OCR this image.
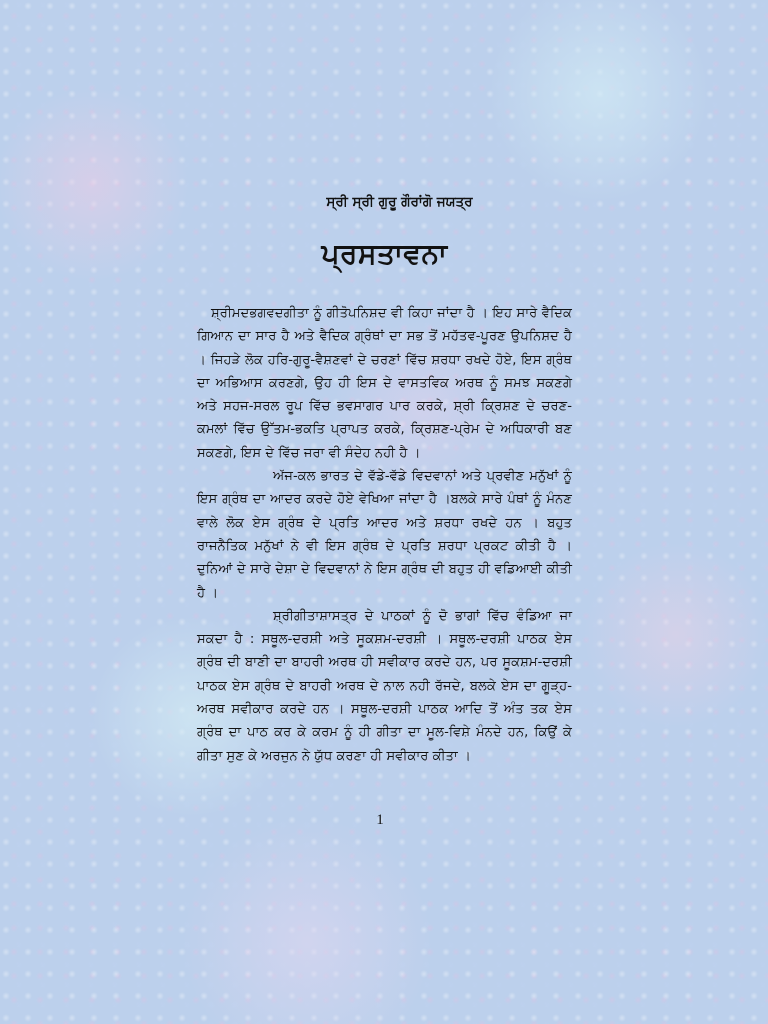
ਸ੍ਰੀ ਸ੍ਰੀ ਗੁਰੂ ਗੌਰਾਂਗੋ ਜਯਤ੍ਰ

ਪ੍ਰਸਤਾਵਨਾ

ਸ਼੍ਰੀਮਦਭਗਵਦਗੀਤਾ ਨੂੰ ਗੀਤੋਪਨਿਸ਼ਦ ਵੀ ਕਿਹਾ ਜਾਂਦਾ ਹੈ । ਇਹ ਸਾਰੇ ਵੈਦਿਕ ਗਿਆਨ ਦਾ ਸਾਰ ਹੈ ਅਤੇ ਵੈਦਿਕ ਗ੍ਰੰਥਾਂ ਦਾ ਸਭ ਤੋਂ ਮਹੱਤਵ-ਪੂਰਣ ਉਪਨਿਸ਼ਦ ਹੈ । ਜਿਹੜੇ ਲੋਕ ਹਰਿ-ਗੁਰੂ-ਵੈਸ਼ਣਵਾਂ ਦੇ ਚਰਣਾਂ ਵਿੱਚ ਸ਼ਰਧਾ ਰਖਦੇ ਹੋਏ, ਇਸ ਗ੍ਰੰਥ ਦਾ ਅਭਿਆਸ ਕਰਣਗੇ, ਉਹ ਹੀ ਇਸ ਦੇ ਵਾਸਤਵਿਕ ਅਰਥ ਨੂੰ ਸਮਝ ਸਕਣਗੇ ਅਤੇ ਸਹਜ-ਸਰਲ ਰੂਪ ਵਿੱਚ ਭਵਸਾਗਰ ਪਾਰ ਕਰਕੇ, ਸ਼੍ਰੀ ਕ੍ਰਿਸ਼ਣ ਦੇ ਚਰਣ-ਕਮਲਾਂ ਵਿੱਚ ਉੱਤਮ-ਭਕਤਿ ਪ੍ਰਾਪਤ ਕਰਕੇ, ਕ੍ਰਿਸ਼ਣ-ਪ੍ਰੇਮ ਦੇ ਅਧਿਕਾਰੀ ਬਣ ਸਕਣਗੇ, ਇਸ ਦੇ ਵਿੱਚ ਜਰਾ ਵੀ ਸੰਦੇਹ ਨਹੀ ਹੈ ।

ਅੱਜ-ਕਲ ਭਾਰਤ ਦੇ ਵੱਡੇ-ਵੱਡੇ ਵਿਦਵਾਨਾਂ ਅਤੇ ਪ੍ਰਵੀਣ ਮਨੁੱਖਾਂ ਨੂੰ ਇਸ ਗ੍ਰੰਥ ਦਾ ਆਦਰ ਕਰਦੇ ਹੋਏ ਵੇਖਿਆ ਜਾਂਦਾ ਹੈ ।ਬਲਕੇ ਸਾਰੇ ਪੰਥਾਂ ਨੂੰ ਮੰਨਣ ਵਾਲੇ ਲੋਕ ਏਸ ਗ੍ਰੰਥ ਦੇ ਪ੍ਰਤਿ ਆਦਰ ਅਤੇ ਸ਼ਰਧਾ ਰਖਦੇ ਹਨ । ਬਹੁਤ ਰਾਜਨੈਤਿਕ ਮਨੁੱਖਾਂ ਨੇ ਵੀ ਇਸ ਗ੍ਰੰਥ ਦੇ ਪ੍ਰਤਿ ਸ਼ਰਧਾ ਪ੍ਰਕਟ ਕੀਤੀ ਹੈ । ਦੁਨਿਆਂ ਦੇ ਸਾਰੇ ਦੇਸ਼ਾ ਦੇ ਵਿਦਵਾਨਾਂ ਨੇ ਇਸ ਗ੍ਰੰਥ ਦੀ ਬਹੁਤ ਹੀ ਵਡਿਆਈ ਕੀਤੀ ਹੈ ।

ਸ਼੍ਰੀਗੀਤਾਸ਼ਾਸਤ੍ਰ ਦੇ ਪਾਠਕਾਂ ਨੂੰ ਦੋ ਭਾਗਾਂ ਵਿੱਚ ਵੰਡਿਆ ਜਾ ਸਕਦਾ ਹੈ : ਸਥੂਲ-ਦਰਸ਼ੀ ਅਤੇ ਸੂਕਸ਼ਮ-ਦਰਸ਼ੀ । ਸਥੂਲ-ਦਰਸ਼ੀ ਪਾਠਕ ਏਸ ਗ੍ਰੰਥ ਦੀ ਬਾਣੀ ਦਾ ਬਾਹਰੀ ਅਰਥ ਹੀ ਸਵੀਕਾਰ ਕਰਦੇ ਹਨ, ਪਰ ਸੂਕਸ਼ਮ-ਦਰਸ਼ੀ ਪਾਠਕ ਏਸ ਗ੍ਰੰਥ ਦੇ ਬਾਹਰੀ ਅਰਥ ਦੇ ਨਾਲ ਨਹੀ ਰੱਜਦੇ, ਬਲਕੇ ਏਸ ਦਾ ਗੂੜ੍ਹ-ਅਰਥ ਸਵੀਕਾਰ ਕਰਦੇ ਹਨ । ਸਥੂਲ-ਦਰਸ਼ੀ ਪਾਠਕ ਆਦਿ ਤੋਂ ਅੰਤ ਤਕ ਏਸ ਗ੍ਰੰਥ ਦਾ ਪਾਠ ਕਰ ਕੇ ਕਰਮ ਨੂੰ ਹੀ ਗੀਤਾ ਦਾ ਮੂਲ-ਵਿਸ਼ੇ ਮੰਨਦੇ ਹਨ, ਕਿਉਂ ਕੇ ਗੀਤਾ ਸੁਣ ਕੇ ਅਰਜੁਨ ਨੇ ਯੁੱਧ ਕਰਣਾ ਹੀ ਸਵੀਕਾਰ ਕੀਤਾ ।

1
